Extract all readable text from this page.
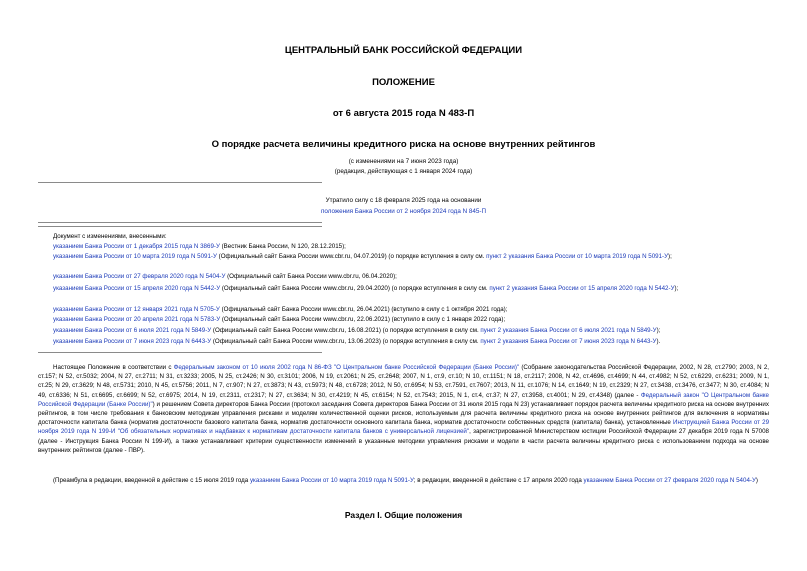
ЦЕНТРАЛЬНЫЙ БАНК РОССИЙСКОЙ ФЕДЕРАЦИИ
ПОЛОЖЕНИЕ
от 6 августа 2015 года N 483-П
О порядке расчета величины кредитного риска на основе внутренних рейтингов
(с изменениями на 7 июня 2023 года)
(редакция, действующая с 1 января 2024 года)
Утратило силу с 18 февраля 2025 года на основании
положения Банка России от 2 ноября 2024 года N 845-П
Документ с изменениями, внесенными:
указанием Банка России от 1 декабря 2015 года N 3869-У (Вестник Банка России, N 120, 28.12.2015);
указанием Банка России от 10 марта 2019 года N 5091-У (Официальный сайт Банка России www.cbr.ru, 04.07.2019) (о порядке вступления в силу см. пункт 2 указания Банка России от 10 марта 2019 года N 5091-У);
указанием Банка России от 27 февраля 2020 года N 5404-У (Официальный сайт Банка России www.cbr.ru, 06.04.2020);
указанием Банка России от 15 апреля 2020 года N 5442-У (Официальный сайт Банка России www.cbr.ru, 29.04.2020) (о порядке вступления в силу см. пункт 2 указания Банка России от 15 апреля 2020 года N 5442-У);
указанием Банка России от 12 января 2021 года N 5705-У (Официальный сайт Банка России www.cbr.ru, 26.04.2021) (вступило в силу с 1 октября 2021 года);
указанием Банка России от 20 апреля 2021 года N 5783-У (Официальный сайт Банка России www.cbr.ru, 22.06.2021) (вступило в силу с 1 января 2022 года);
указанием Банка России от 6 июля 2021 года N 5849-У (Официальный сайт Банка России www.cbr.ru, 16.08.2021) (о порядке вступления в силу см. пункт 2 указания Банка России от 6 июля 2021 года N 5849-У);
указанием Банка России от 7 июня 2023 года N 6443-У (Официальный сайт Банка России www.cbr.ru, 13.06.2023) (о порядке вступления в силу см. пункт 2 указания Банка России от 7 июня 2023 года N 6443-У).
Настоящее Положение в соответствии с Федеральным законом от 10 июля 2002 года N 86-ФЗ "О Центральном банке Российской Федерации (Банке России)" (Собрание законодательства Российской Федерации, 2002, N 28, ст.2790; 2003, N 2, ст.157; N 52, ст.5032; 2004, N 27, ст.2711; N 31, ст.3233; 2005, N 25, ст.2426; N 30, ст.3101; 2006, N 19, ст.2061; N 25, ст.2648; 2007, N 1, ст.9, ст.10; N 10, ст.1151; N 18, ст.2117; 2008, N 42, ст.4696, ст.4699; N 44, ст.4982; N 52, ст.6229, ст.6231; 2009, N 1, ст.25; N 29, ст.3629; N 48, ст.5731; 2010, N 45, ст.5756; 2011, N 7, ст.907; N 27, ст.3873; N 43, ст.5973; N 48, ст.6728; 2012, N 50, ст.6954; N 53, ст.7591, ст.7607; 2013, N 11, ст.1076; N 14, ст.1649; N 19, ст.2329; N 27, ст.3438, ст.3476, ст.3477; N 30, ст.4084; N 49, ст.6336; N 51, ст.6695, ст.6699; N 52, ст.6975; 2014, N 19, ст.2311, ст.2317; N 27, ст.3634; N 30, ст.4219; N 45, ст.6154; N 52, ст.7543; 2015, N 1, ст.4, ст.37; N 27, ст.3958, ст.4001; N 29, ст.4348) (далее - Федеральный закон "О Центральном банке Российской Федерации (Банке России)") и решением Совета директоров Банка России (протокол заседания Совета директоров Банка России от 31 июля 2015 года N 23) устанавливает порядок расчета величины кредитного риска на основе внутренних рейтингов, в том числе требования к банковским методикам управления рисками и моделям количественной оценки рисков, используемым для расчета величины кредитного риска на основе внутренних рейтингов для включения в нормативы достаточности капитала банка (норматив достаточности базового капитала банка, норматив достаточности основного капитала банка, норматив достаточности собственных средств (капитала) банка), установленные Инструкцией Банка России от 29 ноября 2019 года N 199-И "Об обязательных нормативах и надбавках к нормативам достаточности капитала банков с универсальной лицензией", зарегистрированной Министерством юстиции Российской Федерации 27 декабря 2019 года N 57008 (далее - Инструкция Банка России N 199-И), а также устанавливает критерии существенности изменений в указанные методики управления рисками и модели в части расчета величины кредитного риска с использованием подхода на основе внутренних рейтингов (далее - ПВР).
(Преамбула в редакции, введенной в действие с 15 июля 2019 года указанием Банка России от 10 марта 2019 года N 5091-У; в редакции, введенной в действие с 17 апреля 2020 года указанием Банка России от 27 февраля 2020 года N 5404-У)
Раздел I. Общие положения
